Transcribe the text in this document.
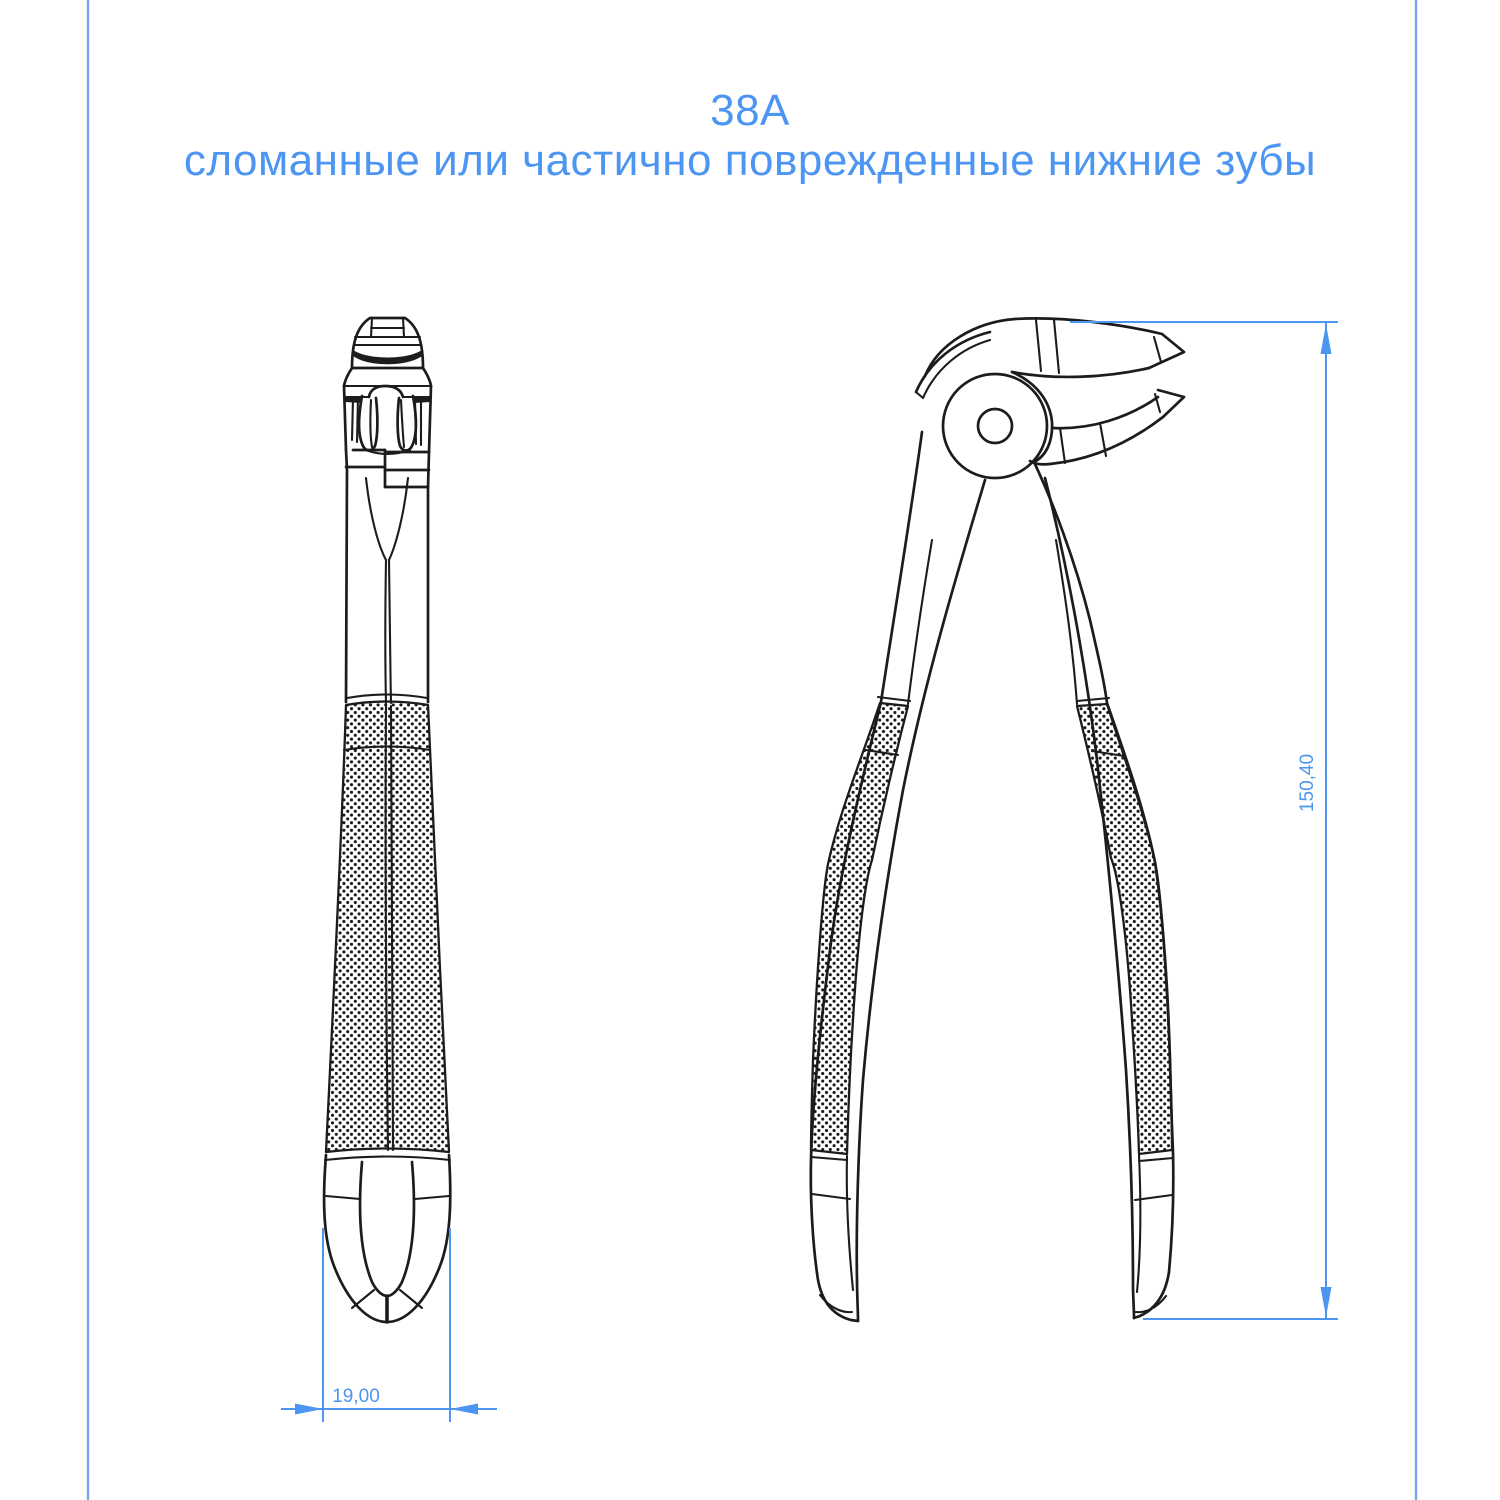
38А
сломанные или частично поврежденные нижние зубы
19,00
150,40
